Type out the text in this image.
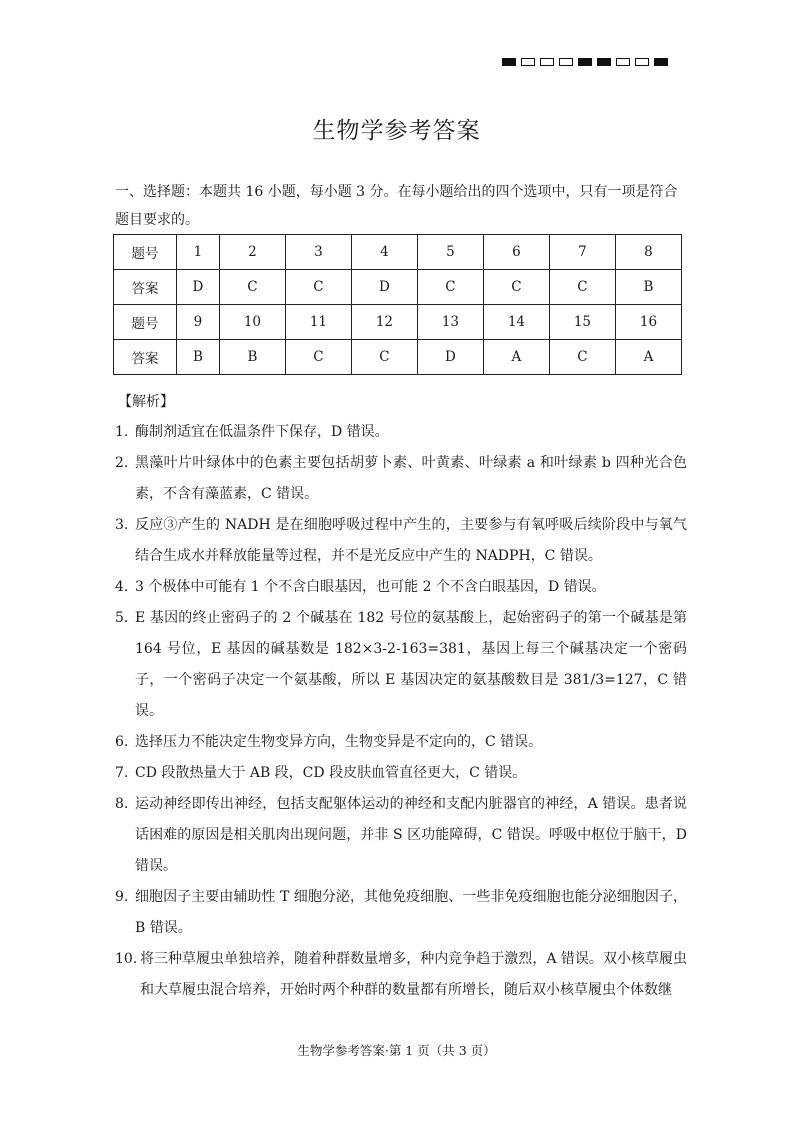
生物学参考答案
一、选择题：本题共 16 小题，每小题 3 分。在每小题给出的四个选项中，只有一项是符合题目要求的。
题号	1	2	3	4	5	6	7	8
答案	D	C	C	D	C	C	C	B
题号	9	10	11	12	13	14	15	16
答案	B	B	C	C	D	A	C	A
【解析】
1. 酶制剂适宜在低温条件下保存，D 错误。
2. 黑藻叶片叶绿体中的色素主要包括胡萝卜素、叶黄素、叶绿素 a 和叶绿素 b 四种光合色素，不含有藻蓝素，C 错误。
3. 反应③产生的 NADH 是在细胞呼吸过程中产生的，主要参与有氧呼吸后续阶段中与氧气结合生成水并释放能量等过程，并不是光反应中产生的 NADPH，C 错误。
4. 3 个极体中可能有 1 个不含白眼基因，也可能 2 个不含白眼基因，D 错误。
5. E 基因的终止密码子的 2 个碱基在 182 号位的氨基酸上，起始密码子的第一个碱基是第 164 号位，E 基因的碱基数是 182×3-2-163=381，基因上每三个碱基决定一个密码子，一个密码子决定一个氨基酸，所以 E 基因决定的氨基酸数目是 381/3=127，C 错误。
6. 选择压力不能决定生物变异方向，生物变异是不定向的，C 错误。
7. CD 段散热量大于 AB 段，CD 段皮肤血管直径更大，C 错误。
8. 运动神经即传出神经，包括支配躯体运动的神经和支配内脏器官的神经，A 错误。患者说话困难的原因是相关肌肉出现问题，并非 S 区功能障碍，C 错误。呼吸中枢位于脑干，D 错误。
9. 细胞因子主要由辅助性 T 细胞分泌，其他免疫细胞、一些非免疫细胞也能分泌细胞因子，B 错误。
10. 将三种草履虫单独培养，随着种群数量增多，种内竞争趋于激烈，A 错误。双小核草履虫和大草履虫混合培养，开始时两个种群的数量都有所增长，随后双小核草履虫个体数继
生物学参考答案·第 1 页（共 3 页）
